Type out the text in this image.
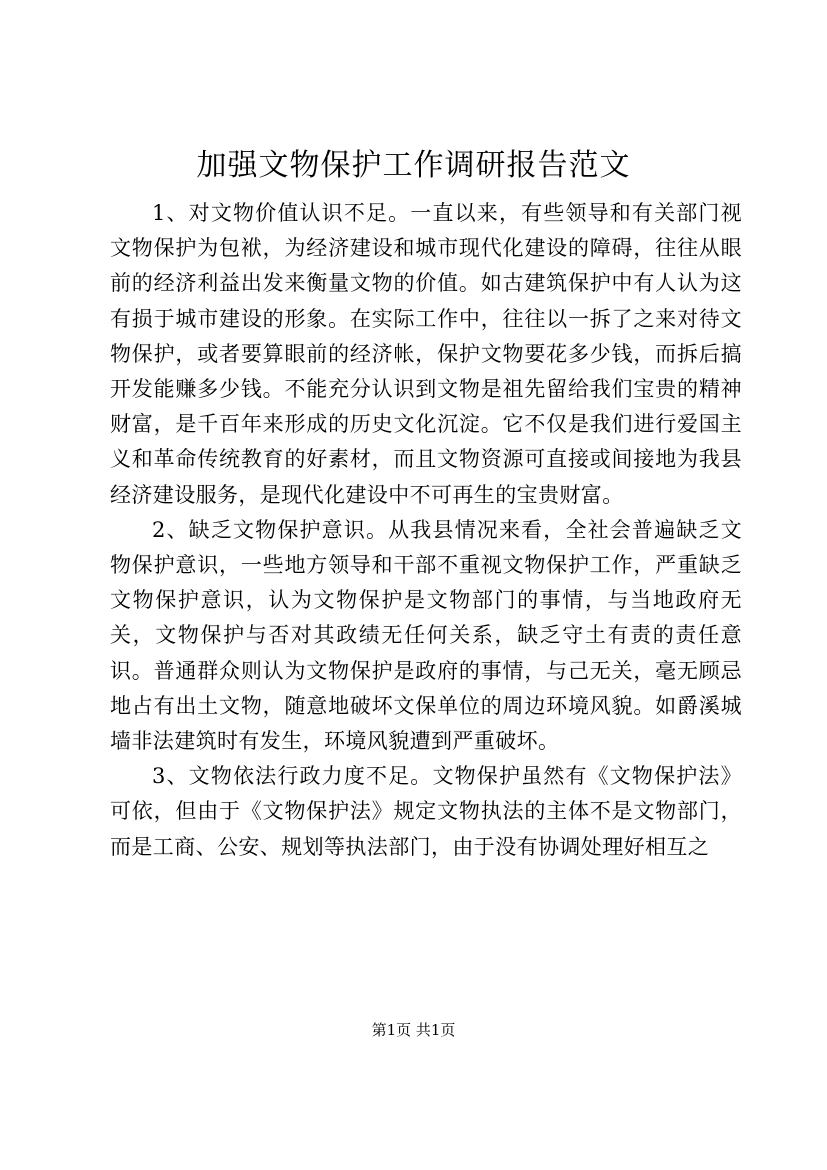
加强文物保护工作调研报告范文

1、对文物价值认识不足。一直以来，有些领导和有关部门视文物保护为包袱，为经济建设和城市现代化建设的障碍，往往从眼前的经济利益出发来衡量文物的价值。如古建筑保护中有人认为这有损于城市建设的形象。在实际工作中，往往以一拆了之来对待文物保护，或者要算眼前的经济帐，保护文物要花多少钱，而拆后搞开发能赚多少钱。不能充分认识到文物是祖先留给我们宝贵的精神财富，是千百年来形成的历史文化沉淀。它不仅是我们进行爱国主义和革命传统教育的好素材，而且文物资源可直接或间接地为我县经济建设服务，是现代化建设中不可再生的宝贵财富。

2、缺乏文物保护意识。从我县情况来看，全社会普遍缺乏文物保护意识，一些地方领导和干部不重视文物保护工作，严重缺乏文物保护意识，认为文物保护是文物部门的事情，与当地政府无关，文物保护与否对其政绩无任何关系，缺乏守土有责的责任意识。普通群众则认为文物保护是政府的事情，与己无关，毫无顾忌地占有出土文物，随意地破坏文保单位的周边环境风貌。如爵溪城墙非法建筑时有发生，环境风貌遭到严重破坏。

3、文物依法行政力度不足。文物保护虽然有《文物保护法》可依，但由于《文物保护法》规定文物执法的主体不是文物部门，而是工商、公安、规划等执法部门，由于没有协调处理好相互之

第1页 共1页
